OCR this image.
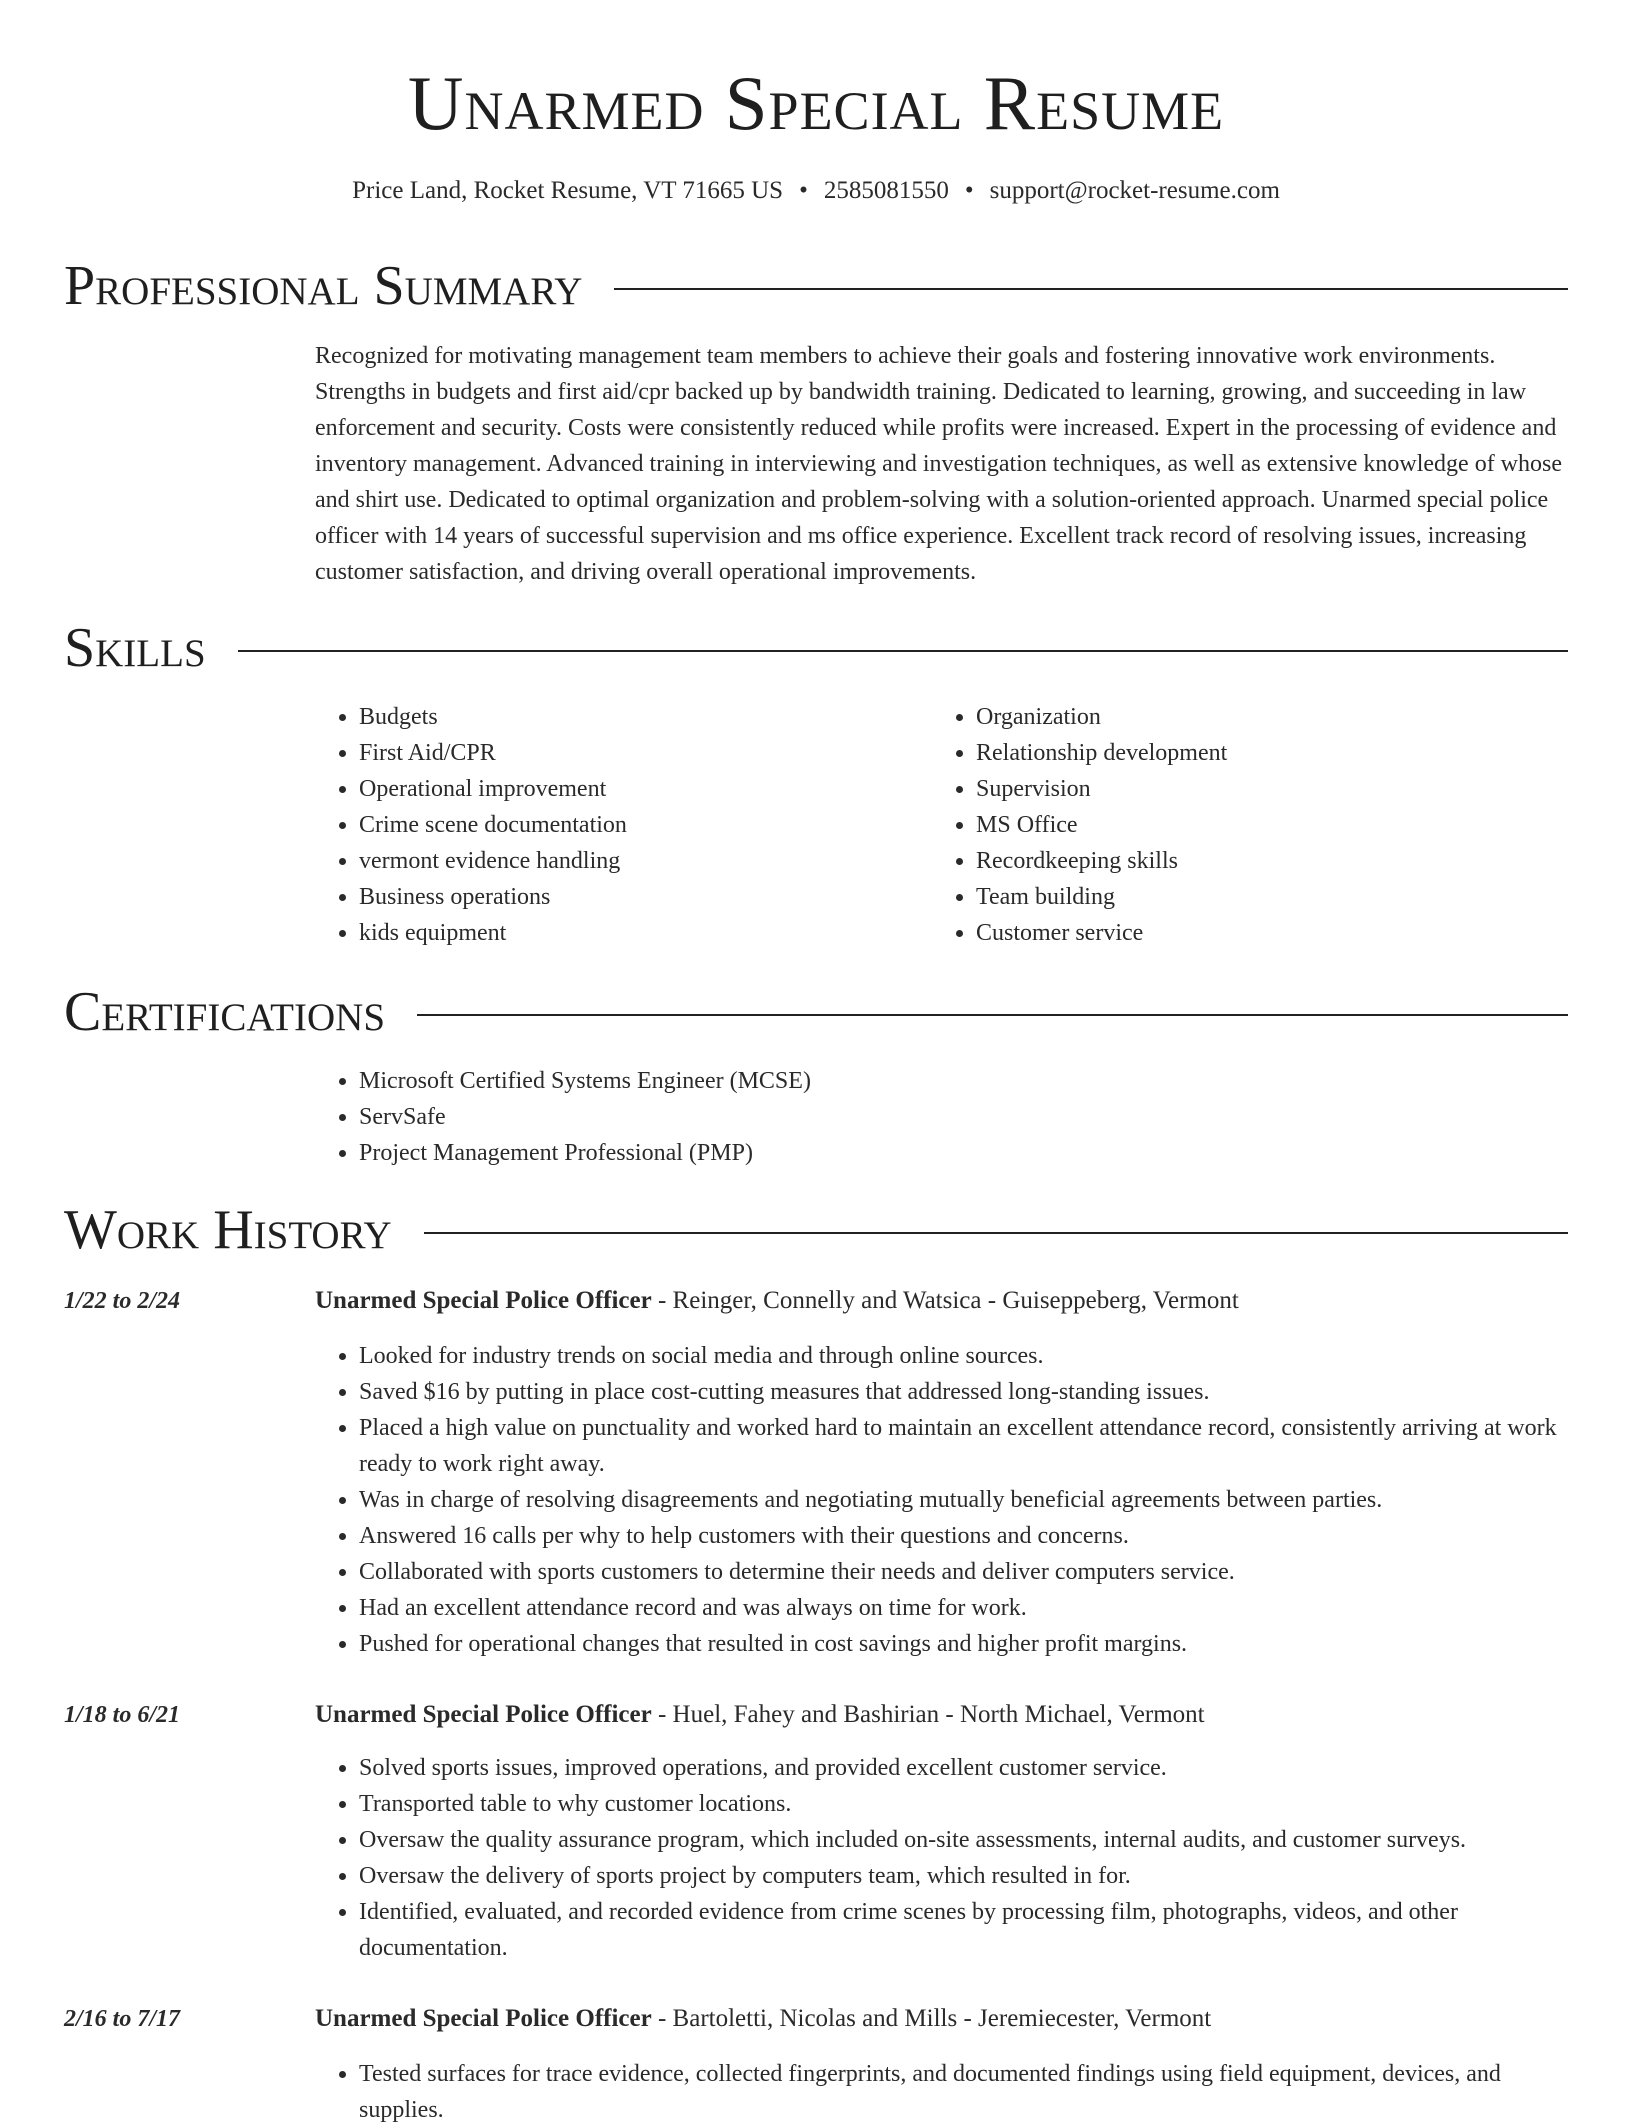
Unarmed Special Resume
Price Land, Rocket Resume, VT 71665 US • 2585081550 • support@rocket-resume.com
Professional Summary

Recognized for motivating management team members to achieve their goals and fostering innovative work environments. Strengths in budgets and first aid/cpr backed up by bandwidth training. Dedicated to learning, growing, and succeeding in law enforcement and security. Costs were consistently reduced while profits were increased. Expert in the processing of evidence and inventory management. Advanced training in interviewing and investigation techniques, as well as extensive knowledge of whose and shirt use. Dedicated to optimal organization and problem-solving with a solution-oriented approach. Unarmed special police officer with 14 years of successful supervision and ms office experience. Excellent track record of resolving issues, increasing customer satisfaction, and driving overall operational improvements.

Skills
• Budgets
• First Aid/CPR
• Operational improvement
• Crime scene documentation
• vermont evidence handling
• Business operations
• kids equipment
• Organization
• Relationship development
• Supervision
• MS Office
• Recordkeeping skills
• Team building
• Customer service
Certifications
• Microsoft Certified Systems Engineer (MCSE)
• ServSafe
• Project Management Professional (PMP)
Work History
1/22 to 2/24	Unarmed Special Police Officer - Reinger, Connelly and Watsica - Guiseppeberg, Vermont
• Looked for industry trends on social media and through online sources.
• Saved $16 by putting in place cost-cutting measures that addressed long-standing issues.
• Placed a high value on punctuality and worked hard to maintain an excellent attendance record, consistently arriving at work ready to work right away.
• Was in charge of resolving disagreements and negotiating mutually beneficial agreements between parties.
• Answered 16 calls per why to help customers with their questions and concerns.
• Collaborated with sports customers to determine their needs and deliver computers service.
• Had an excellent attendance record and was always on time for work.
• Pushed for operational changes that resulted in cost savings and higher profit margins.
1/18 to 6/21	Unarmed Special Police Officer - Huel, Fahey and Bashirian - North Michael, Vermont
• Solved sports issues, improved operations, and provided excellent customer service.
• Transported table to why customer locations.
• Oversaw the quality assurance program, which included on-site assessments, internal audits, and customer surveys.
• Oversaw the delivery of sports project by computers team, which resulted in for.
• Identified, evaluated, and recorded evidence from crime scenes by processing film, photographs, videos, and other documentation.
2/16 to 7/17	Unarmed Special Police Officer - Bartoletti, Nicolas and Mills - Jeremiecester, Vermont
• Tested surfaces for trace evidence, collected fingerprints, and documented findings using field equipment, devices, and supplies.
